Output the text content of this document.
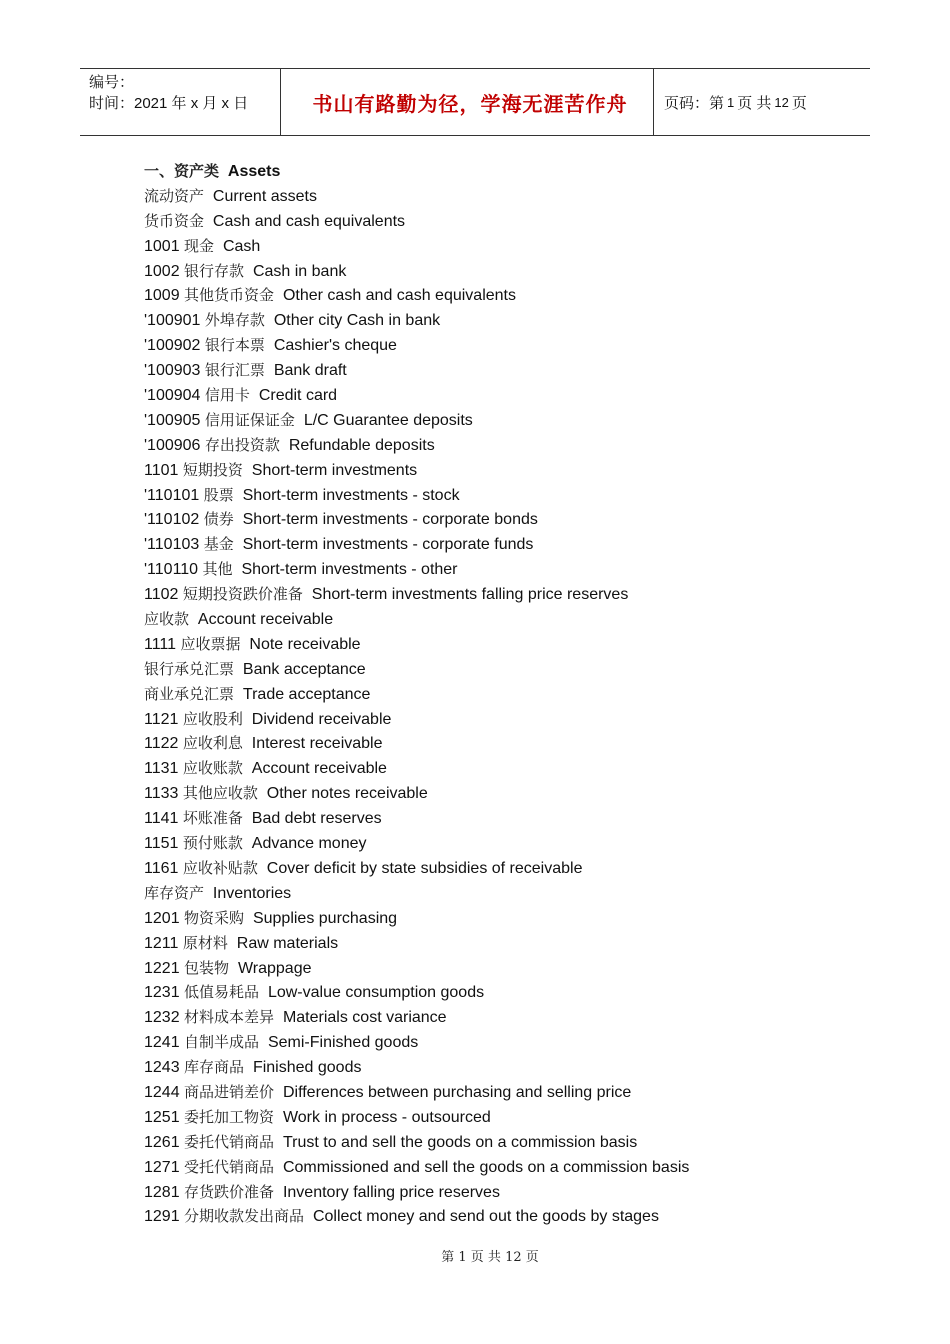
编号：
时间：2021 年 x 月 x 日	书山有路勤为径，学海无涯苦作舟 页码：第 1 页 共 12 页
一、资产类 Assets
流动资产 Current assets
货币资金 Cash and cash equivalents
1001 现金 Cash
1002 银行存款 Cash in bank
1009 其他货币资金 Other cash and cash equivalents
'100901 外埠存款 Other city Cash in bank
'100902 银行本票 Cashier's cheque
'100903 银行汇票 Bank draft
'100904 信用卡 Credit card
'100905 信用证保证金 L/C Guarantee deposits
'100906 存出投资款 Refundable deposits
1101 短期投资 Short-term investments
'110101 股票 Short-term investments - stock
'110102 债券 Short-term investments - corporate bonds
'110103 基金 Short-term investments - corporate funds
'110110 其他 Short-term investments - other
1102 短期投资跌价准备 Short-term investments falling price reserves
应收款 Account receivable
1111 应收票据 Note receivable
银行承兑汇票 Bank acceptance
商业承兑汇票 Trade acceptance
1121 应收股利 Dividend receivable
1122 应收利息 Interest receivable
1131 应收账款 Account receivable
1133 其他应收款 Other notes receivable
1141 坏账准备 Bad debt reserves
1151 预付账款 Advance money
1161 应收补贴款 Cover deficit by state subsidies of receivable
库存资产 Inventories
1201 物资采购 Supplies purchasing
1211 原材料 Raw materials
1221 包装物 Wrappage
1231 低值易耗品 Low-value consumption goods
1232 材料成本差异 Materials cost variance
1241 自制半成品 Semi-Finished goods
1243 库存商品 Finished goods
1244 商品进销差价 Differences between purchasing and selling price
1251 委托加工物资 Work in process - outsourced
1261 委托代销商品 Trust to and sell the goods on a commission basis
1271 受托代销商品 Commissioned and sell the goods on a commission basis
1281 存货跌价准备 Inventory falling price reserves
1291 分期收款发出商品 Collect money and send out the goods by stages
第 1 页 共 12 页
